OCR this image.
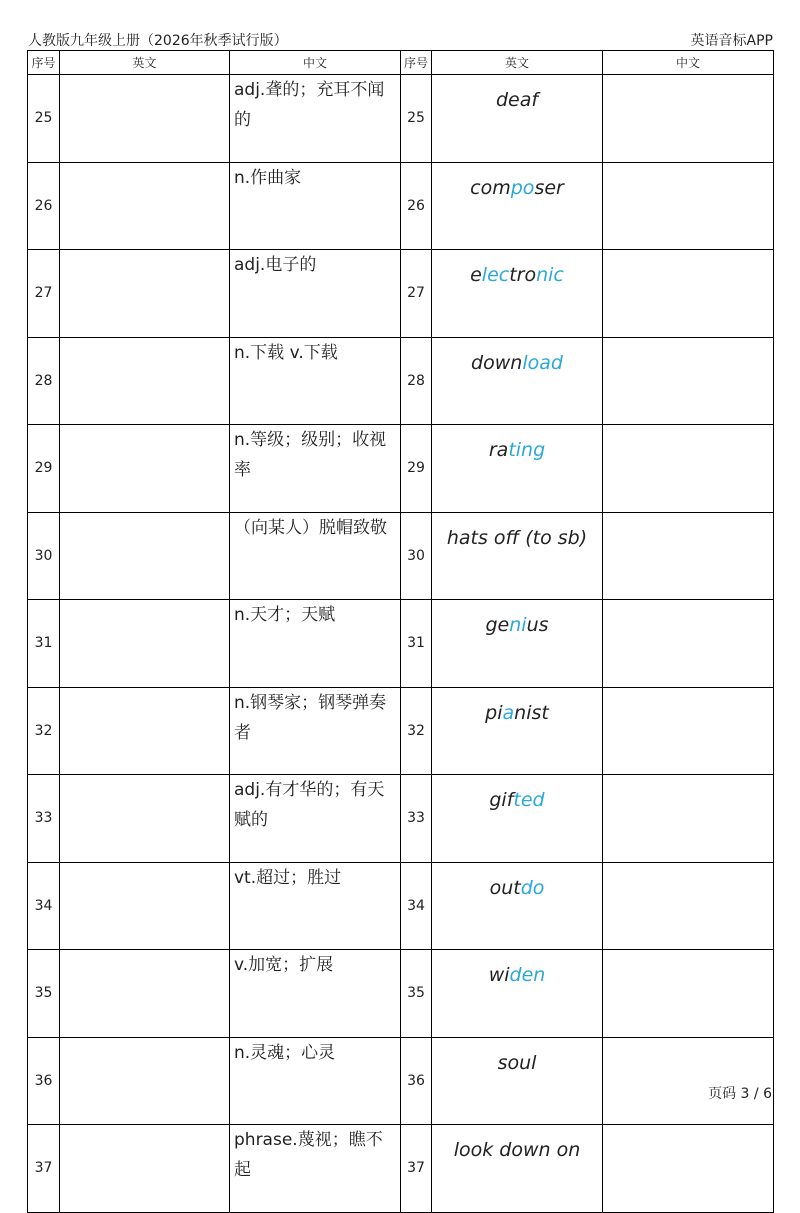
人教版九年级上册（2026年秋季试行版）	英语音标APP
序号	英文	中文	序号	英文	中文
25		adj.聋的；充耳不闻的	25	deaf	
26		n.作曲家	26	composer	
27		adj.电子的	27	electronic	
28		n.下载 v.下载	28	download	
29		n.等级；级别；收视率	29	rating	
30		（向某人）脱帽致敬	30	hats off (to sb)	
31		n.天才；天赋	31	genius	
32		n.钢琴家；钢琴弹奏者	32	pianist	
33		adj.有才华的；有天赋的	33	gifted	
34		vt.超过；胜过	34	outdo	
35		v.加宽；扩展	35	widen	
36		n.灵魂；心灵	36	soul	
37		phrase.蔑视；瞧不起	37	look down on	
页码 3 / 6
